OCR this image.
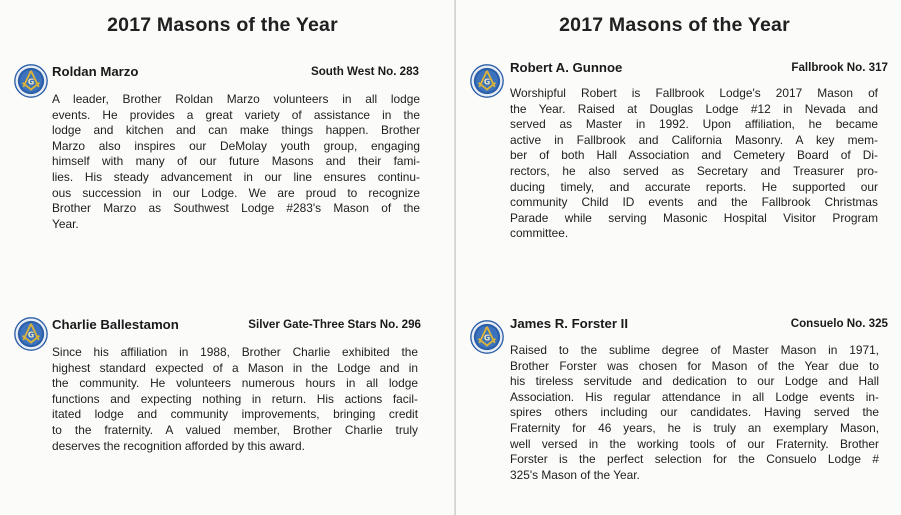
2017 Masons of the Year
G
Roldan Marzo	South West No. 283
A leader, Brother Roldan Marzo volunteers in all lodge
events. He provides a great variety of assistance in the
lodge and kitchen and can make things happen. Brother
Marzo also inspires our DeMolay youth group, engaging
himself with many of our future Masons and their fami-
lies. His steady advancement in our line ensures continu-
ous succession in our Lodge. We are proud to recognize
Brother Marzo as Southwest Lodge #283's Mason of the
Year.
G
Charlie Ballestamon	Silver Gate-Three Stars No. 296
Since his affiliation in 1988, Brother Charlie exhibited the
highest standard expected of a Mason in the Lodge and in
the community. He volunteers numerous hours in all lodge
functions and expecting nothing in return. His actions facil-
itated lodge and community improvements, bringing credit
to the fraternity. A valued member, Brother Charlie truly
deserves the recognition afforded by this award.
2017 Masons of the Year
G
Robert A. Gunnoe	Fallbrook No. 317
Worshipful Robert is Fallbrook Lodge's 2017 Mason of
the Year. Raised at Douglas Lodge #12 in Nevada and
served as Master in 1992. Upon affiliation, he became
active in Fallbrook and California Masonry. A key mem-
ber of both Hall Association and Cemetery Board of Di-
rectors, he also served as Secretary and Treasurer pro-
ducing timely, and accurate reports. He supported our
community Child ID events and the Fallbrook Christmas
Parade while serving Masonic Hospital Visitor Program
committee.
G
James R. Forster II	Consuelo No. 325
Raised to the sublime degree of Master Mason in 1971,
Brother Forster was chosen for Mason of the Year due to
his tireless servitude and dedication to our Lodge and Hall
Association. His regular attendance in all Lodge events in-
spires others including our candidates. Having served the
Fraternity for 46 years, he is truly an exemplary Mason,
well versed in the working tools of our Fraternity. Brother
Forster is the perfect selection for the Consuelo Lodge #
325's Mason of the Year.
